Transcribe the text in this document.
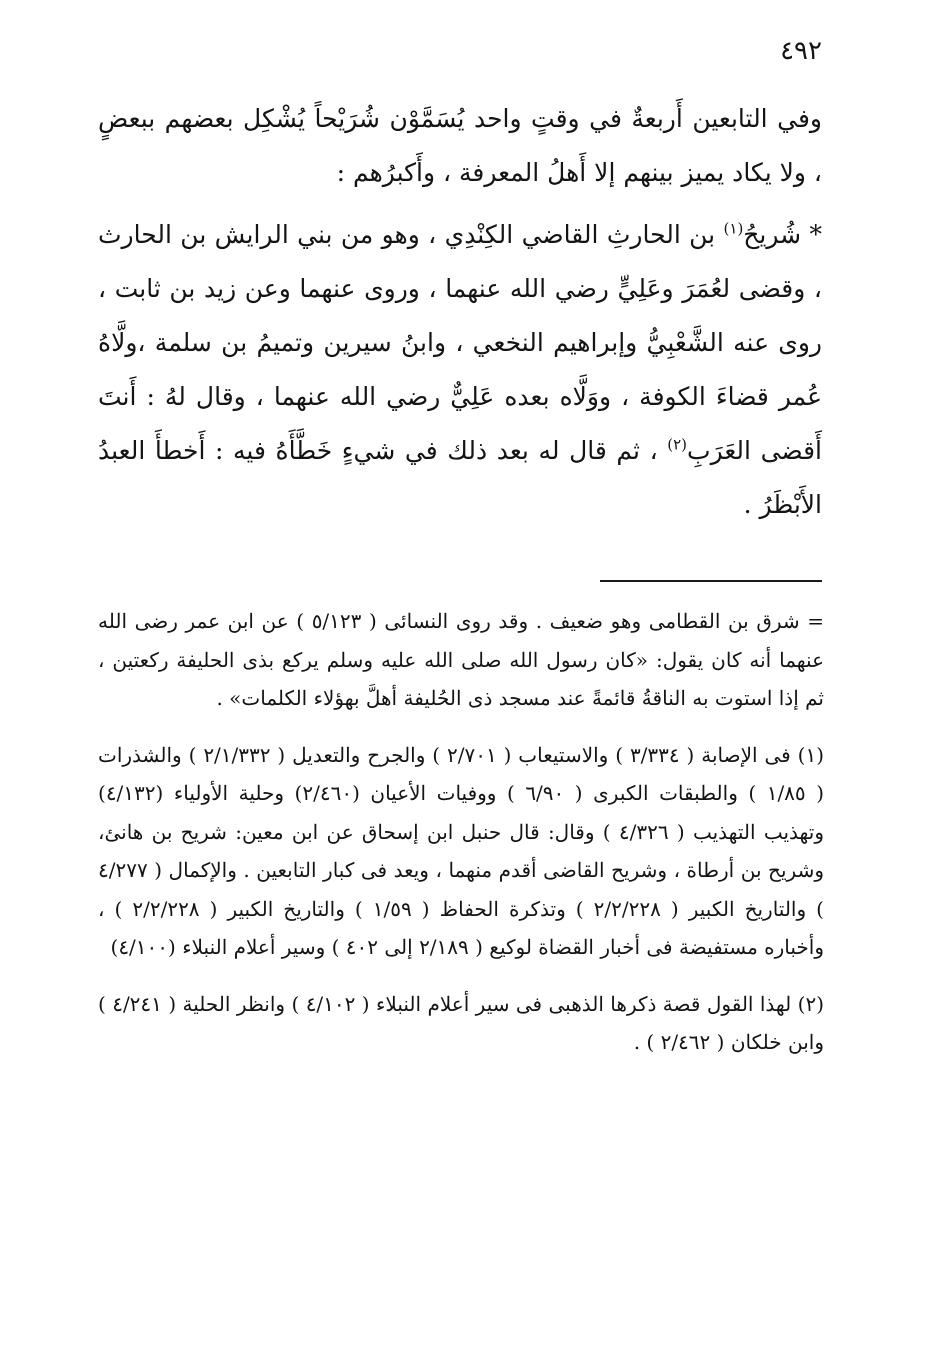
٤٩٢

وفي التابعين أَربعةٌ في وقتٍ واحد يُسَمَّوْن شُرَيْحاً يُشْكِل بعضهم ببعضٍ ، ولا يكاد يميز بينهم إلا أَهلُ المعرفة ، وأَكبرُهم :

* شُريحُ$^{(١)}$ بن الحارثِ القاضي الكِنْدِي ، وهو من بني الرايش بن الحارث ، وقضى لعُمَرَ وعَلِيٍّ رضي الله عنهما ، وروى عنهما وعن زيد بن ثابت ، روى عنه الشَّعْبِيُّ وإبراهيم النخعي ، وابنُ سيرين وتميمُ بن سلمة ،ولَّاهُ عُمر قضاءَ الكوفة ، ووَلَّاه بعده عَلِيٌّ رضي الله عنهما ، وقال لهُ : أَنتَ أَقضى العَرَبِ$^{(٢)}$ ، ثم قال له بعد ذلك في شيءٍ خَطَّأَهُ فيه : أَخطأَ العبدُ الأَبْظَرُ .

= شرق بن القطامى وهو ضعيف . وقد روى النسائى ( ٥/١٢٣ ) عن ابن عمر رضى الله عنهما أنه كان يقول: «كان رسول الله صلى الله عليه وسلم يركع بذى الحليفة ركعتين ، ثم إذا استوت به الناقةُ قائمةً عند مسجد ذى الحُليفة أهلَّ بهؤلاء الكلمات» .

(١) فى الإصابة ( ٣/٣٣٤ ) والاستيعاب ( ٢/٧٠١ ) والجرح والتعديل ( ٢/١/٣٣٢ ) والشذرات ( ١/٨٥ ) والطبقات الكبرى ( ٦/٩٠ ) ووفيات الأعيان (٢/٤٦٠) وحلية الأولياء (٤/١٣٢) وتهذيب التهذيب ( ٤/٣٢٦ ) وقال: قال حنبل ابن إسحاق عن ابن معين: شريح بن هانئ، وشريح بن أرطاة ، وشريح القاضى أقدم منهما ، ويعد فى كبار التابعين . والإكمال ( ٤/٢٧٧ ) والتاريخ الكبير ( ٢/٢/٢٢٨ ) وتذكرة الحفاظ ( ١/٥٩ ) والتاريخ الكبير ( ٢/٢/٢٢٨ ) ، وأخباره مستفيضة فى أخبار القضاة لوكيع ( ٢/١٨٩ إلى ٤٠٢ ) وسير أعلام النبلاء (٤/١٠٠)

(٢) لهذا القول قصة ذكرها الذهبى فى سير أعلام النبلاء ( ٤/١٠٢ ) وانظر الحلية ( ٤/٢٤١ ) وابن خلكان ( ٢/٤٦٢ ) .
